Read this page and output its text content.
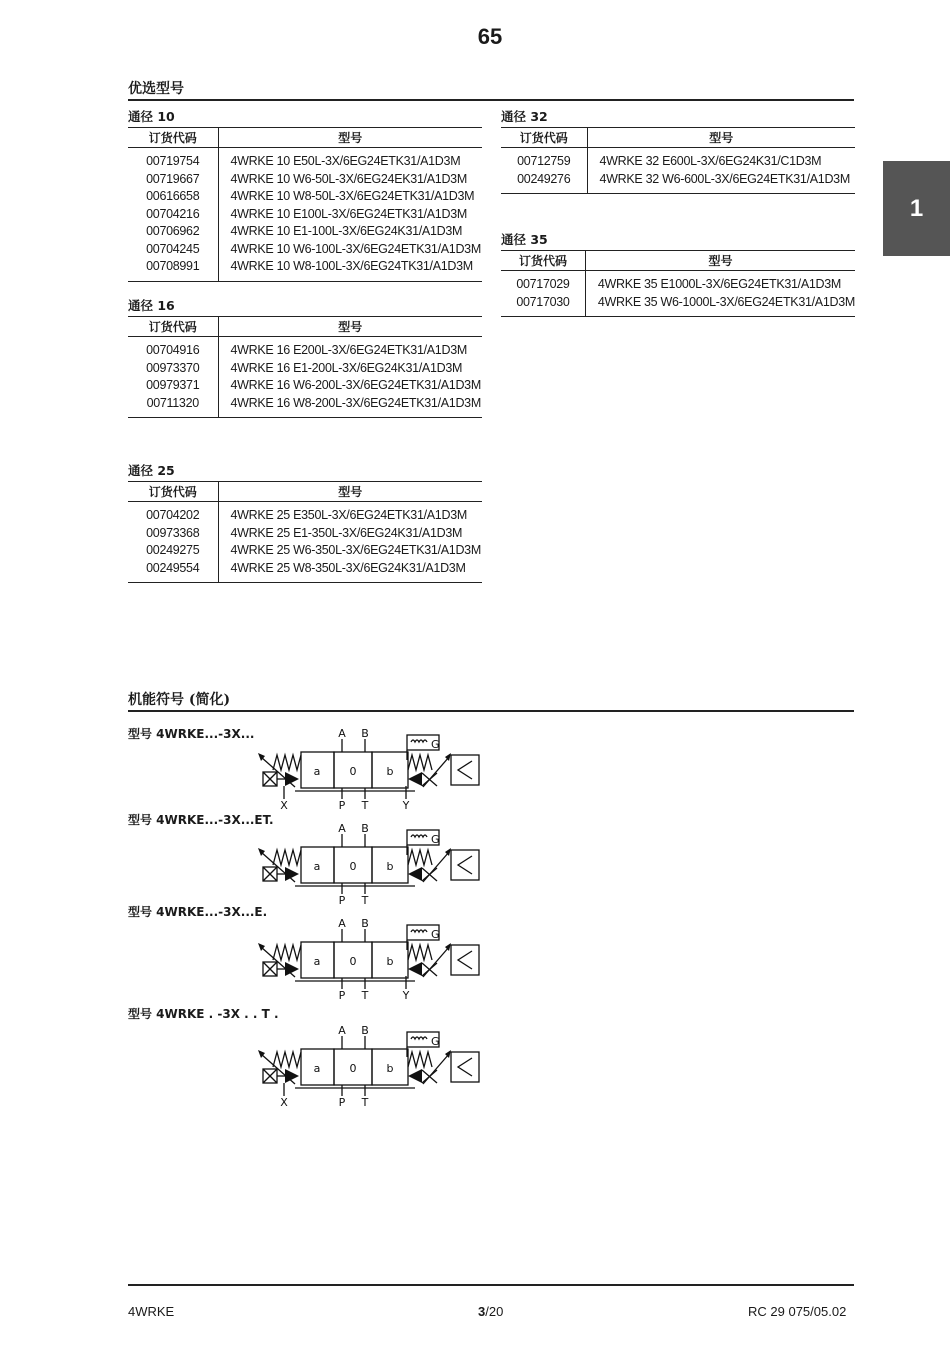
65
1
优选型号
通径 10
订货代码	型号

00719754	4WRKE 10 E50L-3X/6EG24ETK31/A1D3M
00719667	4WRKE 10 W6-50L-3X/6EG24EK31/A1D3M
00616658	4WRKE 10 W8-50L-3X/6EG24ETK31/A1D3M
00704216	4WRKE 10 E100L-3X/6EG24ETK31/A1D3M
00706962	4WRKE 10 E1-100L-3X/6EG24K31/A1D3M
00704245	4WRKE 10 W6-100L-3X/6EG24ETK31/A1D3M
00708991	4WRKE 10 W8-100L-3X/6EG24TK31/A1D3M

通径 16
订货代码	型号

00704916	4WRKE 16 E200L-3X/6EG24ETK31/A1D3M
00973370	4WRKE 16 E1-200L-3X/6EG24K31/A1D3M
00979371	4WRKE 16 W6-200L-3X/6EG24ETK31/A1D3M
00711320	4WRKE 16 W8-200L-3X/6EG24ETK31/A1D3M

通径 25
订货代码	型号

00704202	4WRKE 25 E350L-3X/6EG24ETK31/A1D3M
00973368	4WRKE 25 E1-350L-3X/6EG24K31/A1D3M
00249275	4WRKE 25 W6-350L-3X/6EG24ETK31/A1D3M
00249554	4WRKE 25 W8-350L-3X/6EG24K31/A1D3M

通径 32
订货代码	型号

00712759	4WRKE 32 E600L-3X/6EG24K31/C1D3M
00249276	4WRKE 32 W6-600L-3X/6EG24ETK31/A1D3M

通径 35
订货代码	型号

00717029	4WRKE 35 E1000L-3X/6EG24ETK31/A1D3M
00717030	4WRKE 35 W6-1000L-3X/6EG24ETK31/A1D3M

机能符号 (简化)
型号 4WRKE...-3X...
型号 4WRKE...-3X...ET.
型号 4WRKE...-3X...E.
型号 4WRKE . -3X . . T .
a	0	b
G
A B
X	P T	Y
a	0	b
G
A B
P T
a	0	b
G
A B
P T	Y
a	0	b
G
A B
X	P T
4WRKE	3/20	RC 29 075/05.02
